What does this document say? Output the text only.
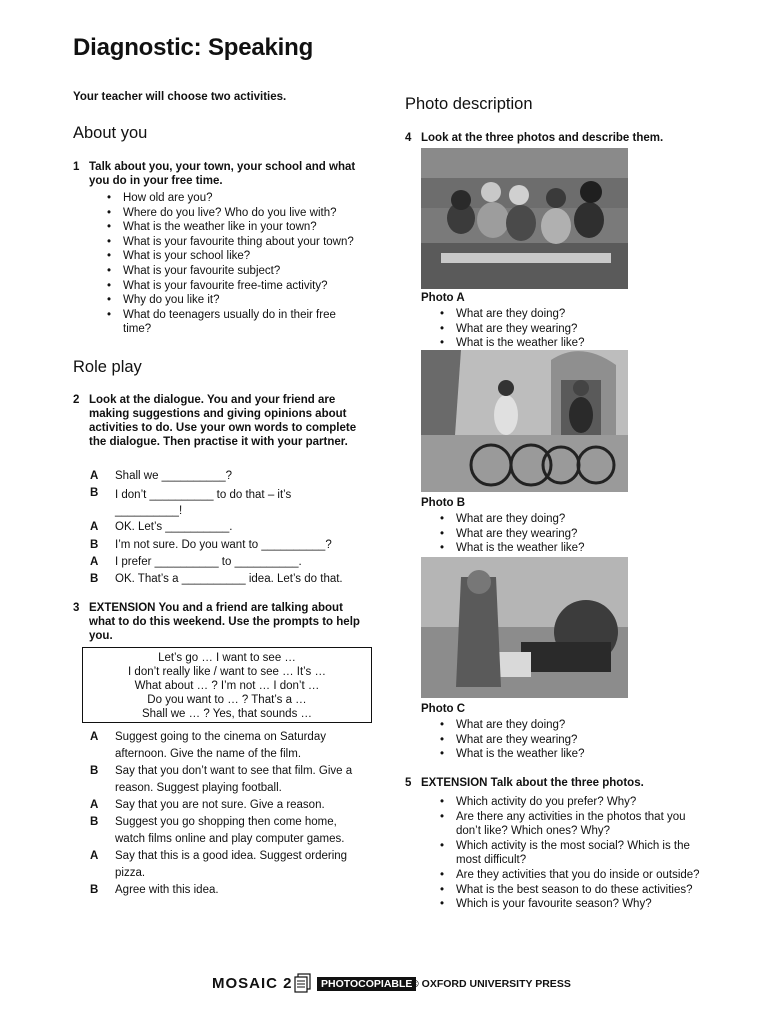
Diagnostic: Speaking
Your teacher will choose two activities.
About you
1 Talk about you, your town, your school and what you do in your free time.
• How old are you?
• Where do you live? Who do you live with?
• What is the weather like in your town?
• What is your favourite thing about your town?
• What is your school like?
• What is your favourite subject?
• What is your favourite free-time activity?
• Why do you like it?
• What do teenagers usually do in their free time?
Role play
2 Look at the dialogue. You and your friend are making suggestions and giving opinions about activities to do. Use your own words to complete the dialogue. Then practise it with your partner.
A Shall we __________?
B I don’t __________ to do that – it’s __________!
A OK. Let’s __________.
B I’m not sure. Do you want to __________?
A I prefer __________ to __________.
B OK. That’s a __________ idea. Let’s do that.
3 EXTENSION You and a friend are talking about what to do this weekend. Use the prompts to help you.
Let’s go … I want to see …
I don’t really like / want to see … It’s …
What about … ? I’m not … I don’t …
Do you want to … ? That’s a …
Shall we … ? Yes, that sounds …
A Suggest going to the cinema on Saturday afternoon. Give the name of the film.
B Say that you don’t want to see that film. Give a reason. Suggest playing football.
A Say that you are not sure. Give a reason.
B Suggest you go shopping then come home, watch films online and play computer games.
A Say that this is a good idea. Suggest ordering pizza.
B Agree with this idea.
Photo description
4 Look at the three photos and describe them.
Photo A
• What are they doing?
• What are they wearing?
• What is the weather like?
Photo B
• What are they doing?
• What are they wearing?
• What is the weather like?
Photo C
• What are they doing?
• What are they wearing?
• What is the weather like?
5 EXTENSION Talk about the three photos.
• Which activity do you prefer? Why?
• Are there any activities in the photos that you don’t like? Which ones? Why?
• Which activity is the most social? Which is the most difficult?
• Are they activities that you do inside or outside?
• What is the best season to do these activities?
• Which is your favourite season? Why?
MOSAIC 2	PHOTOCOPIABLE
© OXFORD UNIVERSITY PRESS
